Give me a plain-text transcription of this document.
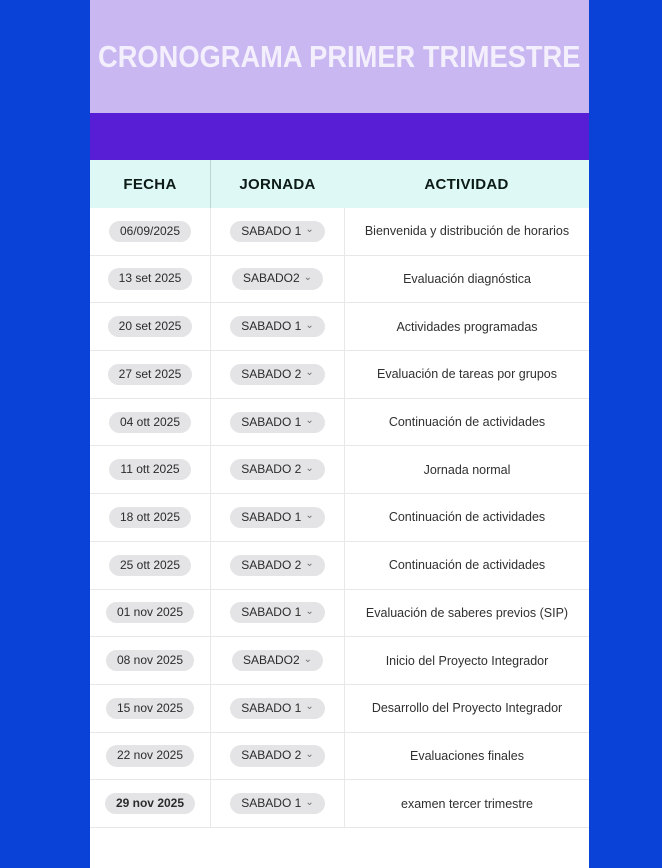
CRONOGRAMA PRIMER TRIMESTRE
FECHA	JORNADA	ACTIVIDAD
06/09/2025	SABADO 1 ⌄	Bienvenida y distribución de horarios
13 set 2025	SABADO2 ⌄	Evaluación diagnóstica
20 set 2025	SABADO 1 ⌄	Actividades programadas
27 set 2025	SABADO 2 ⌄	Evaluación de tareas por grupos
04 ott 2025	SABADO 1 ⌄	Continuación de actividades
11 ott 2025	SABADO 2 ⌄	Jornada normal
18 ott 2025	SABADO 1 ⌄	Continuación de actividades
25 ott 2025	SABADO 2 ⌄	Continuación de actividades
01 nov 2025	SABADO 1 ⌄	Evaluación de saberes previos (SIP)
08 nov 2025	SABADO2 ⌄	Inicio del Proyecto Integrador
15 nov 2025	SABADO 1 ⌄	Desarrollo del Proyecto Integrador
22 nov 2025	SABADO 2 ⌄	Evaluaciones finales
29 nov 2025	SABADO 1 ⌄	examen tercer trimestre
